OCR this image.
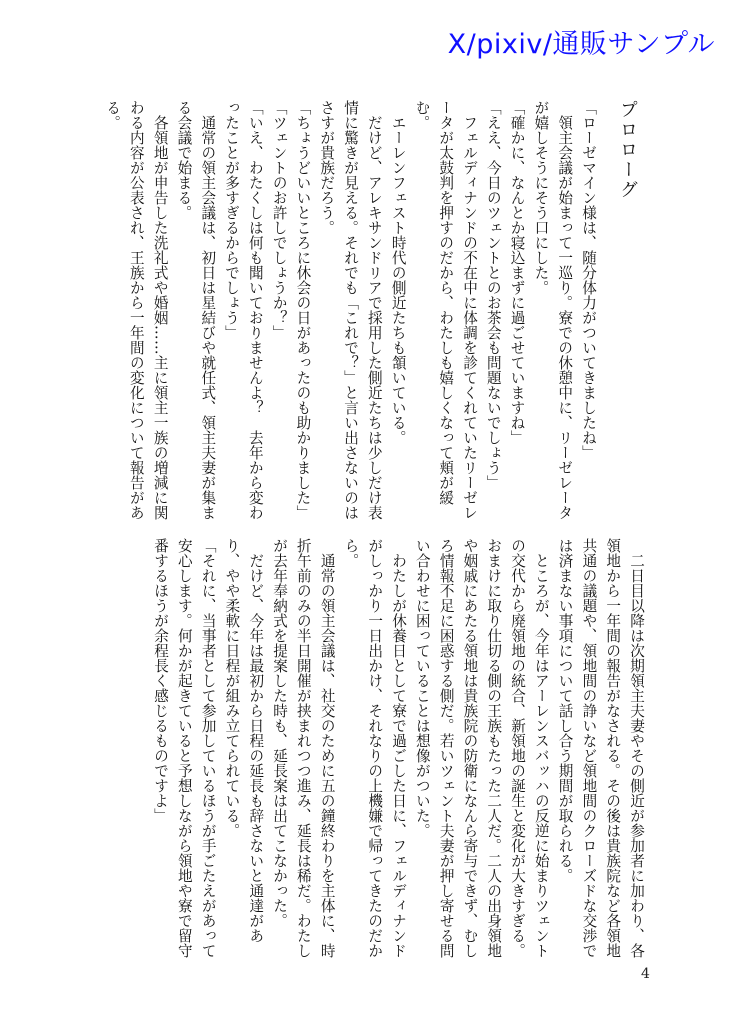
X/pixiv/通販サンプル
プロローグ

「ローゼマイン様は、随分体力がついてきましたね」

　領主会議が始まって一巡り。寮での休憩中に、リーゼレータが嬉しそうにそう口にした。

「確かに、なんとか寝込まずに過ごせていますね」

「ええ、今日のツェントとのお茶会も問題ないでしょう」

　フェルディナンドの不在中に体調を診てくれていたリーゼレータが太鼓判を押すのだから、わたしも嬉しくなって頬が緩む。

　エーレンフェスト時代の側近たちも頷いている。

　だけど、アレキサンドリアで採用した側近たちは少しだけ表情に驚きが見える。それでも「これで？」と言い出さないのはさすが貴族だろう。

「ちょうどいいところに休会の日があったのも助かりました」

「ツェントのお許しでしょうか？」

「いえ、わたくしは何も聞いておりませんよ？　去年から変わったことが多すぎるからでしょう」

　通常の領主会議は、初日は星結びや就任式、領主夫妻が集まる会議で始まる。

　各領地が申告した洗礼式や婚姻……主に領主一族の増減に関わる内容が公表され、王族から一年間の変化について報告がある。

　二日目以降は次期領主夫妻やその側近が参加者に加わり、各領地から一年間の報告がなされる。その後は貴族院など各領地共通の議題や、領地間の諍いなど領地間のクローズドな交渉では済まない事項について話し合う期間が取られる。

　ところが、今年はアーレンスバッハの反逆に始まりツェントの交代から廃領地の統合、新領地の誕生と変化が大きすぎる。おまけに取り仕切る側の王族もたった二人だ。二人の出身領地や姻戚にあたる領地は貴族院の防衛になんら寄与できず、むしろ情報不足に困惑する側だ。若いツェント夫妻が押し寄せる問い合わせに困っていることは想像がついた。

　わたしが休養日として寮で過ごした日に、フェルディナンドがしっかり一日出かけ、それなりの上機嫌で帰ってきたのだから。

　通常の領主会議は、社交のために五の鐘終わりを主体に、時折午前のみの半日開催が挟まれつつ進み、延長は稀だ。わたしが去年奉納式を提案した時も、延長案は出てこなかった。

　だけど、今年は最初から日程の延長も辞さないと通達があり、やや柔軟に日程が組み立てられている。

「それに、当事者として参加しているほうが手ごたえがあって安心します。何かが起きていると予想しながら領地や寮で留守番するほうが余程長く感じるものですよ」

4
